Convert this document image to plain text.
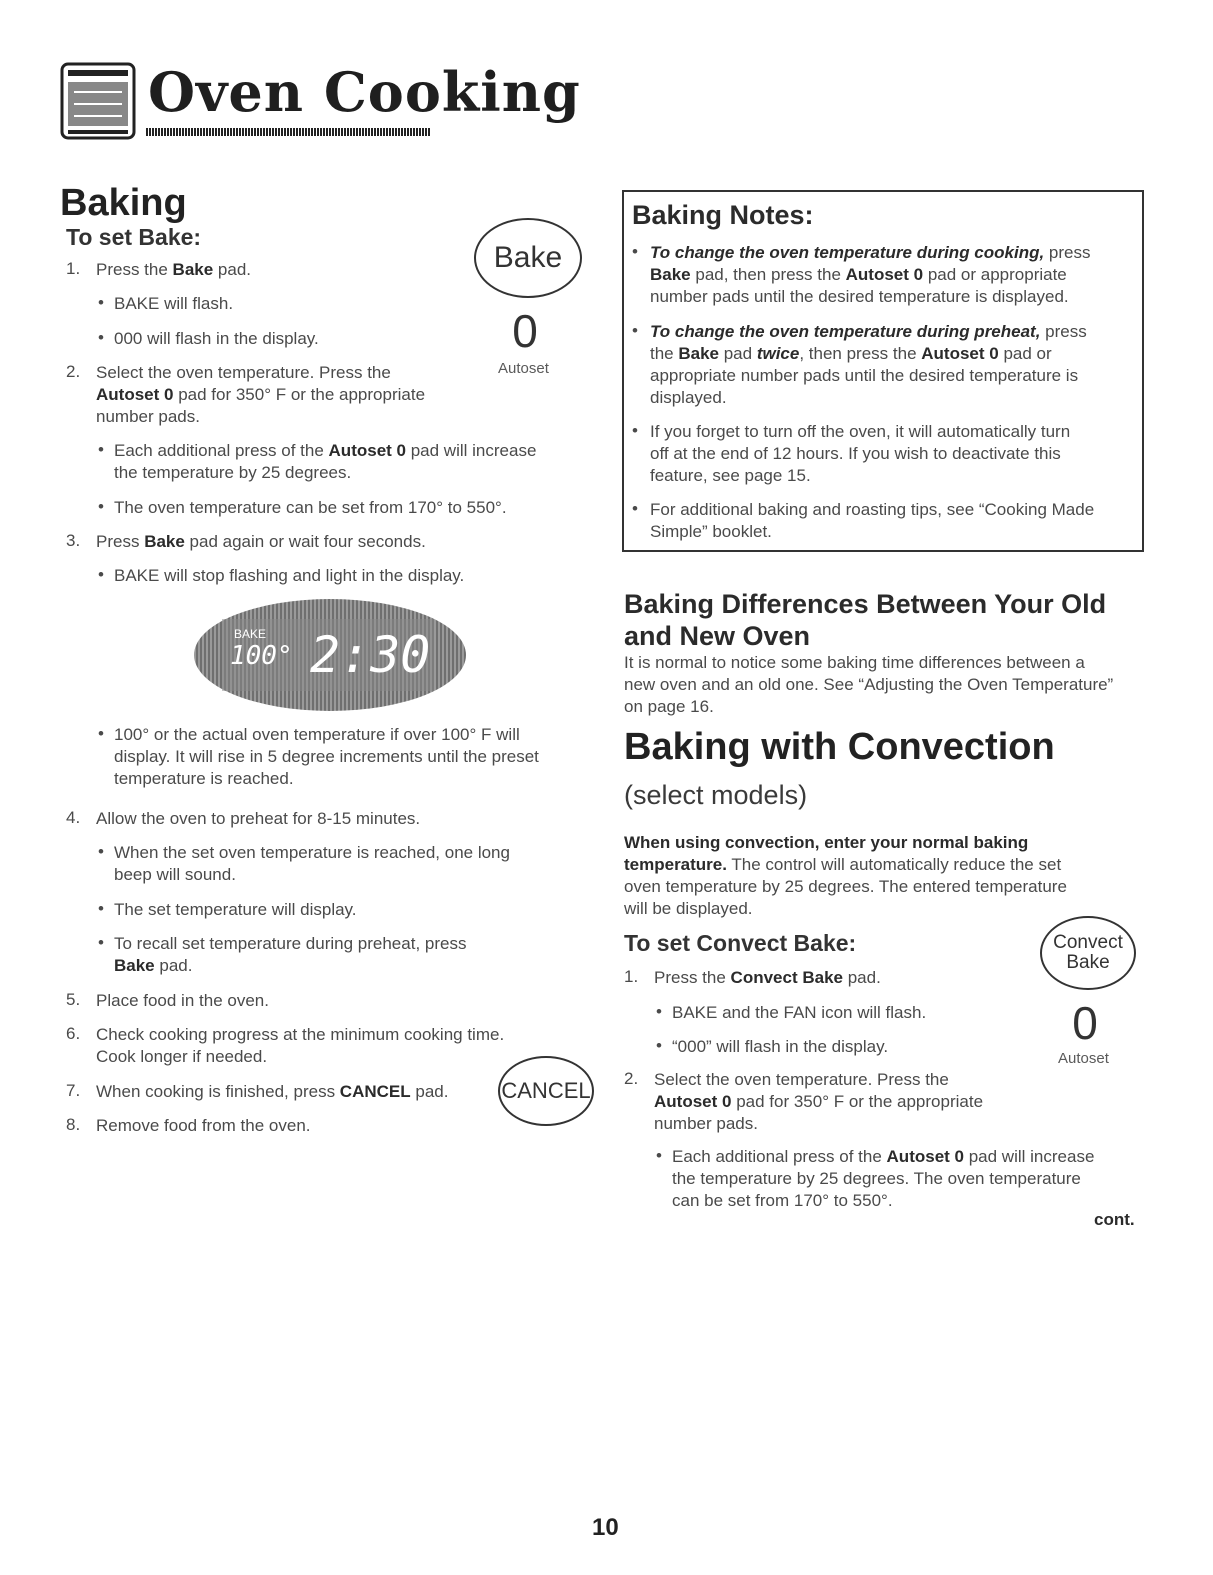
Oven Cooking
Baking
To set Bake:
Bake
0
Autoset
1. Press the Bake pad.
• BAKE will flash.
• 000 will flash in the display.
2. Select the oven temperature. Press the
Autoset 0 pad for 350° F or the appropriate
number pads.
• Each additional press of the Autoset 0 pad will increase
the temperature by 25 degrees.
• The oven temperature can be set from 170° to 550°.
3. Press Bake pad again or wait four seconds.
• BAKE will stop flashing and light in the display.
BAKE
100° 2:30
• 100° or the actual oven temperature if over 100° F will
display. It will rise in 5 degree increments until the preset
temperature is reached.
4. Allow the oven to preheat for 8-15 minutes.
• When the set oven temperature is reached, one long
beep will sound.
• The set temperature will display.
• To recall set temperature during preheat, press
Bake pad.
5. Place food in the oven.
6. Check cooking progress at the minimum cooking time.
Cook longer if needed.
7. When cooking is finished, press CANCEL pad. CANCEL
8. Remove food from the oven.
Baking Notes:
• To change the oven temperature during cooking, press
Bake pad, then press the Autoset 0 pad or appropriate
number pads until the desired temperature is displayed.
• To change the oven temperature during preheat, press
the Bake pad twice, then press the Autoset 0 pad or
appropriate number pads until the desired temperature is
displayed.
• If you forget to turn off the oven, it will automatically turn
off at the end of 12 hours. If you wish to deactivate this
feature, see page 15.
• For additional baking and roasting tips, see “Cooking Made
Simple” booklet.
Baking Differences Between Your Old
and New Oven
It is normal to notice some baking time differences between a
new oven and an old one. See “Adjusting the Oven Temperature”
on page 16.
Baking with Convection
(select models)
When using convection, enter your normal baking
temperature. The control will automatically reduce the set
oven temperature by 25 degrees. The entered temperature
will be displayed.
To set Convect Bake:	Convect
Bake
0
Autoset
1. Press the Convect Bake pad.
• BAKE and the FAN icon will flash.
• “000” will flash in the display.
2. Select the oven temperature. Press the
Autoset 0 pad for 350° F or the appropriate
number pads.
• Each additional press of the Autoset 0 pad will increase
the temperature by 25 degrees. The oven temperature
can be set from 170° to 550°.
cont.
10
